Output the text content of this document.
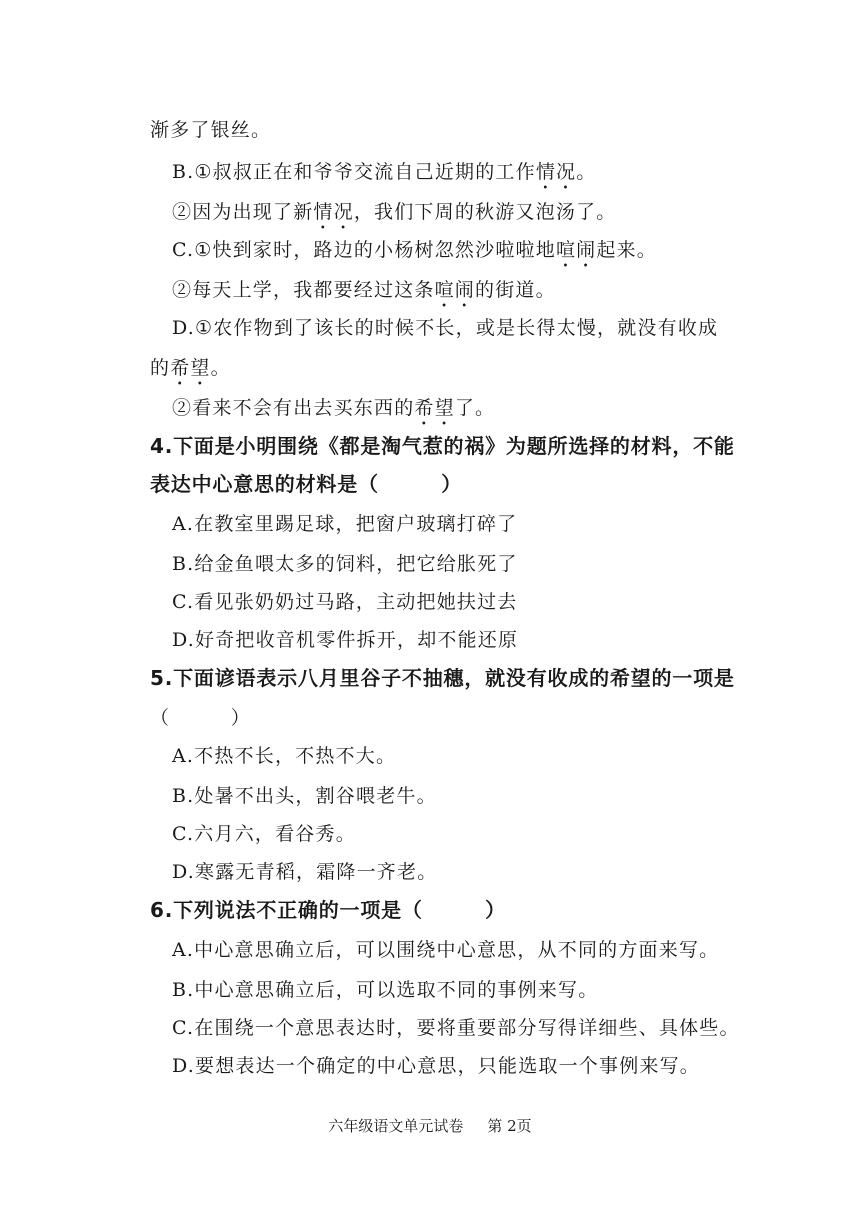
渐多了银丝。
B.①叔叔正在和爷爷交流自己近期的工作情况。
②因为出现了新情况，我们下周的秋游又泡汤了。
C.①快到家时，路边的小杨树忽然沙啦啦地喧闹起来。
②每天上学，我都要经过这条喧闹的街道。
D.①农作物到了该长的时候不长，或是长得太慢，就没有收成
的希望。
②看来不会有出去买东西的希望了。
4.下面是小明围绕《都是淘气惹的祸》为题所选择的材料，不能
表达中心意思的材料是（　　　）
A.在教室里踢足球，把窗户玻璃打碎了
B.给金鱼喂太多的饲料，把它给胀死了
C.看见张奶奶过马路，主动把她扶过去
D.好奇把收音机零件拆开，却不能还原
5.下面谚语表示八月里谷子不抽穗，就没有收成的希望的一项是
（　　　）
A.不热不长，不热不大。
B.处暑不出头，割谷喂老牛。
C.六月六，看谷秀。
D.寒露无青稻，霜降一齐老。
6.下列说法不正确的一项是（　　　）
A.中心意思确立后，可以围绕中心意思，从不同的方面来写。
B.中心意思确立后，可以选取不同的事例来写。
C.在围绕一个意思表达时，要将重要部分写得详细些、具体些。
D.要想表达一个确定的中心意思，只能选取一个事例来写。
六年级语文单元试卷 第 2页
